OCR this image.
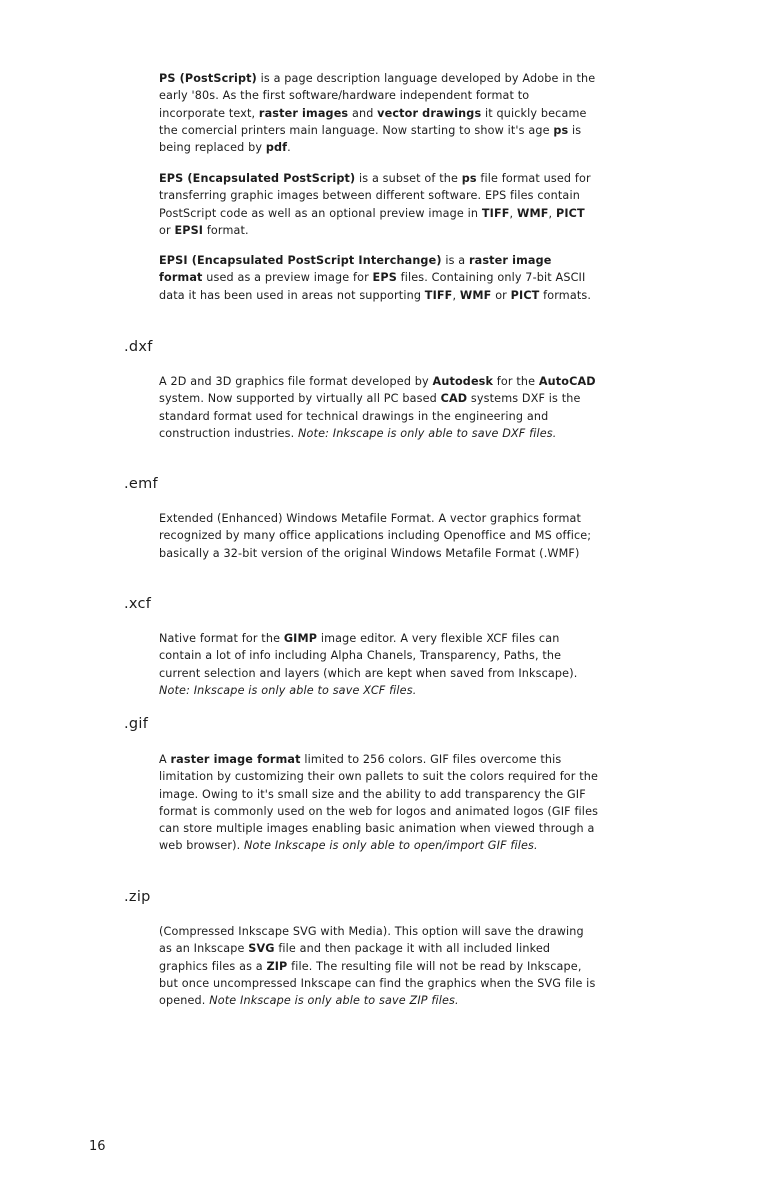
PS (PostScript) is a page description language developed by Adobe in the early '80s. As the first software/hardware independent format to incorporate text, raster images and vector drawings it quickly became the comercial printers main language. Now starting to show it's age ps is being replaced by pdf.

EPS (Encapsulated PostScript) is a subset of the ps file format used for transferring graphic images between different software. EPS files contain PostScript code as well as an optional preview image in TIFF, WMF, PICT or EPSI format.

EPSI (Encapsulated PostScript Interchange) is a raster image format used as a preview image for EPS files. Containing only 7-bit ASCII data it has been used in areas not supporting TIFF, WMF or PICT formats.

.dxf

A 2D and 3D graphics file format developed by Autodesk for the AutoCAD system. Now supported by virtually all PC based CAD systems DXF is the standard format used for technical drawings in the engineering and construction industries. Note: Inkscape is only able to save DXF files.

.emf

Extended (Enhanced) Windows Metafile Format. A vector graphics format recognized by many office applications including Openoffice and MS office; basically a 32-bit version of the original Windows Metafile Format (.WMF)

.xcf

Native format for the GIMP image editor. A very flexible XCF files can contain a lot of info including Alpha Chanels, Transparency, Paths, the current selection and layers (which are kept when saved from Inkscape). Note: Inkscape is only able to save XCF files.

.gif

A raster image format limited to 256 colors. GIF files overcome this limitation by customizing their own pallets to suit the colors required for the image. Owing to it's small size and the ability to add transparency the GIF format is commonly used on the web for logos and animated logos (GIF files can store multiple images enabling basic animation when viewed through a web browser). Note Inkscape is only able to open/import GIF files.

.zip

(Compressed Inkscape SVG with Media). This option will save the drawing as an Inkscape SVG file and then package it with all included linked graphics files as a ZIP file. The resulting file will not be read by Inkscape, but once uncompressed Inkscape can find the graphics when the SVG file is opened. Note Inkscape is only able to save ZIP files.

16
